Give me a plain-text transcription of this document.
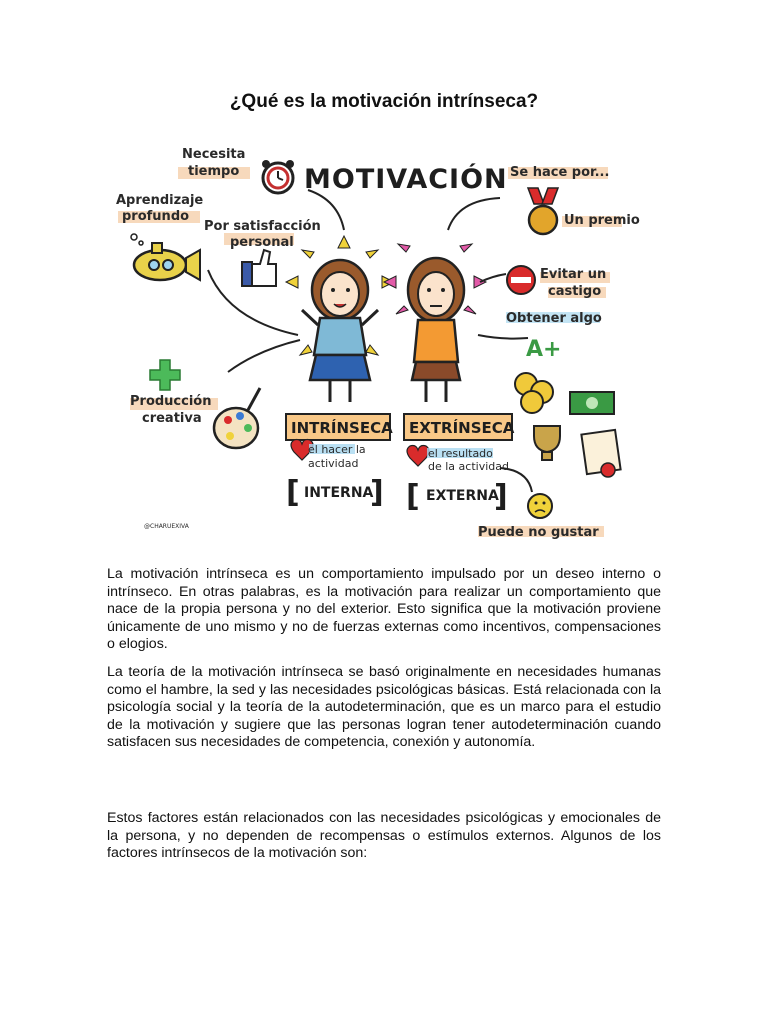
¿Qué es la motivación intrínseca?
MOTIVACIÓN
Necesita
tiempo
Aprendizaje
profundo
Por satisfacción
personal
Producción
creativa
Se hace por...
Un premio
Evitar un
castigo
Obtener algo
A+
INTRÍNSECA EXTRÍNSECA
el hacer la
actividad
el resultado
de la actividad
[ INTERNA
] [ EXTERNA
]
Puede no gustar
@CHARUEXIVA

La motivación intrínseca es un comportamiento impulsado por un deseo interno o intrínseco. En otras palabras, es la motivación para realizar un comportamiento que nace de la propia persona y no del exterior. Esto significa que la motivación proviene únicamente de uno mismo y no de fuerzas externas como incentivos, compensaciones o elogios.

La teoría de la motivación intrínseca se basó originalmente en necesidades humanas como el hambre, la sed y las necesidades psicológicas básicas. Está relacionada con la psicología social y la teoría de la autodeterminación, que es un marco para el estudio de la motivación y sugiere que las personas logran tener autodeterminación cuando satisfacen sus necesidades de competencia, conexión y autonomía.

Estos factores están relacionados con las necesidades psicológicas y emocionales de la persona, y no dependen de recompensas o estímulos externos. Algunos de los factores intrínsecos de la motivación son:
